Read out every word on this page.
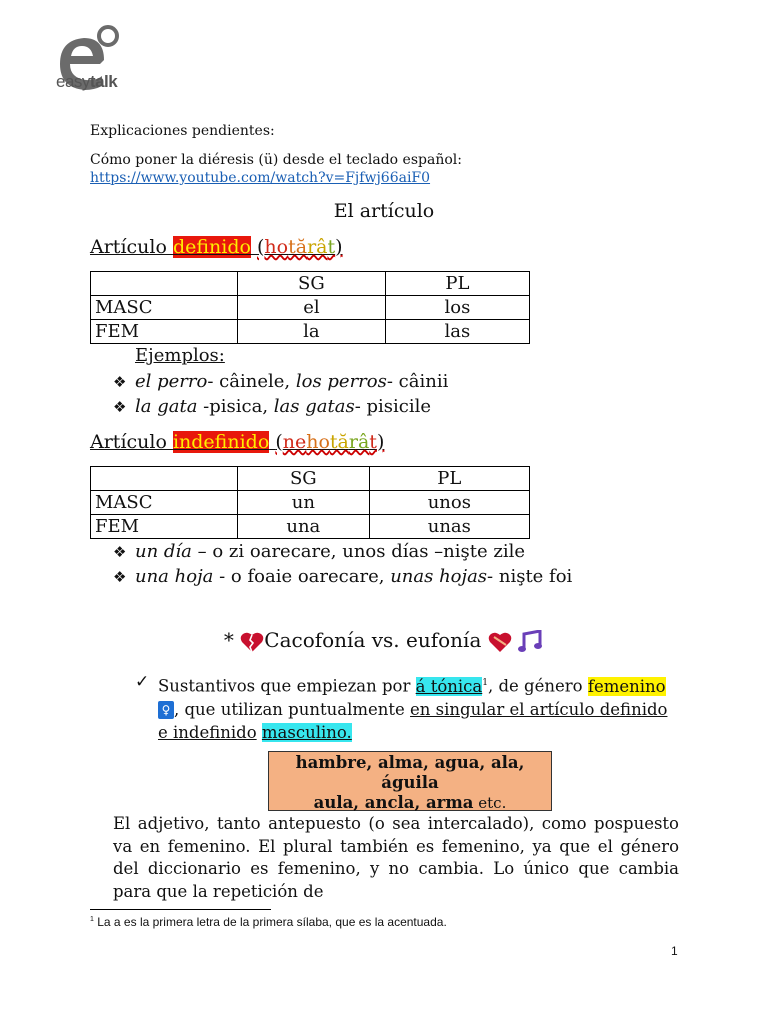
easytalk
Explicaciones pendientes:
Cómo poner la diéresis (ü) desde el teclado español:
https://www.youtube.com/watch?v=Fjfwj66aiF0
El artículo
Artículo definido (hotărât)
	SG	PL
MASC	el	los
FEM	la	las
Ejemplos:
❖ el perro- câinele, los perros- câinii
❖ la gata -pisica, las gatas- pisicile
Artículo indefinido (nehotărât)
	SG	PL
MASC	un	unos
FEM	una	unas
❖ un día – o zi oarecare, unos días –nişte zile
❖ una hoja - o foaie oarecare, unas hojas- nişte foi
* Cacofonía vs. eufonía
✓ Sustantivos que empiezan por á tónica$^1$, de género femenino ♀ , que utilizan puntualmente en singular el artículo definido e indefinido masculino.
hambre, alma, agua, ala,
águila
aula, ancla, arma etc.
El adjetivo, tanto antepuesto (o sea intercalado), como pospuesto va en femenino. El plural también es femenino, ya que el género del diccionario es femenino, y no cambia. Lo único que cambia para que la repetición de
$^1$ La a es la primera letra de la primera sílaba, que es la acentuada.
1
